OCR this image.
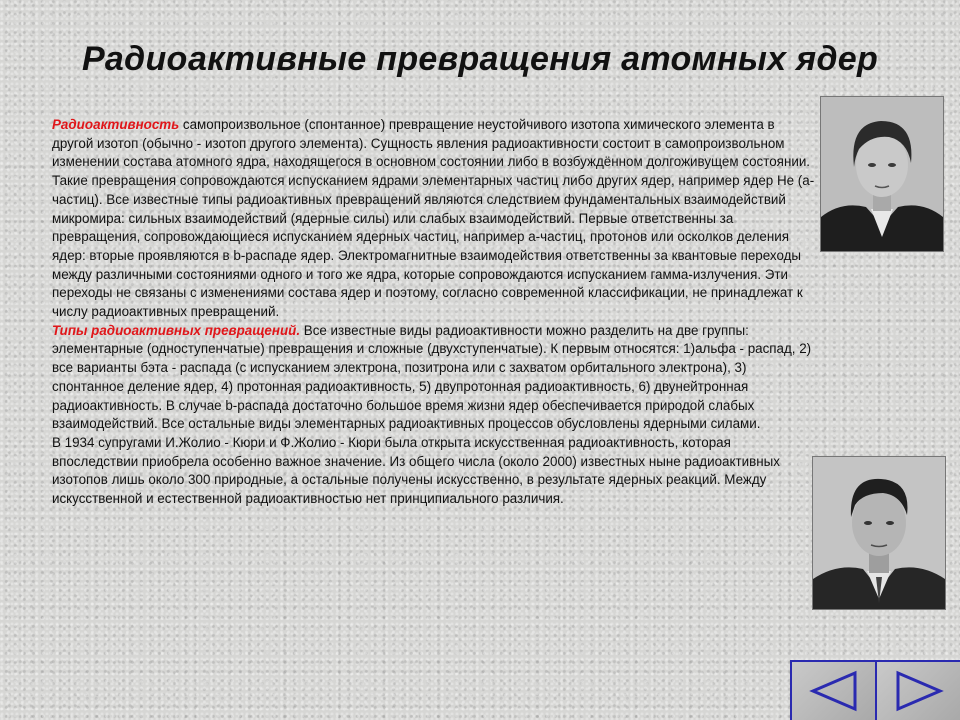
Радиоактивные превращения атомных ядер

Радиоактивность самопроизвольное (спонтанное) превращение неустойчивого изотопа химического элемента в другой изотоп (обычно - изотоп другого элемента). Сущность явления радиоактивности состоит в самопроизвольном изменении состава атомного ядра, находящегося в основном состоянии либо в возбуждённом долгоживущем состоянии. Такие превращения сопровождаются испусканием ядрами элементарных частиц либо других ядер, например ядер Не (а-частиц). Все известные типы радиоактивных превращений являются следствием фундаментальных взаимодействий микромира: сильных взаимодействий (ядерные силы) или слабых взаимодействий. Первые ответственны за превращения, сопровождающиеся испусканием ядерных частиц, например а-частиц, протонов или осколков деления ядер: вторые проявляются в b-распаде ядер. Электромагнитные взаимодействия ответственны за квантовые переходы между различными состояниями одного и того же ядра, которые сопровождаются испусканием гамма-излучения. Эти переходы не связаны с изменениями состава ядер и поэтому, согласно современной классификации, не принадлежат к числу радиоактивных превращений.
Типы радиоактивных превращений. Все известные виды радиоактивности можно разделить на две группы: элементарные (одноступенчатые) превращения и сложные (двухступенчатые). К первым относятся: 1)альфа - распад, 2) все варианты бэта - распада (с испусканием электрона, позитрона или с захватом орбитального электрона), 3) спонтанное деление ядер, 4) протонная радиоактивность, 5) двупротонная радиоактивность, 6) двунейтронная радиоактивность. В случае b-распада достаточно большое время жизни ядер обеспечивается природой слабых взаимодействий. Все остальные виды элементарных радиоактивных процессов обусловлены ядерными силами.
В 1934 супругами И.Жолио - Кюри и Ф.Жолио - Кюри была открыта искусственная радиоактивность, которая впоследствии приобрела особенно важное значение. Из общего числа (около 2000) известных ныне радиоактивных изотопов лишь около 300 природные, а остальные получены искусственно, в результате ядерных реакций. Между искусственной и естественной радиоактивностью нет принципиального различия.
